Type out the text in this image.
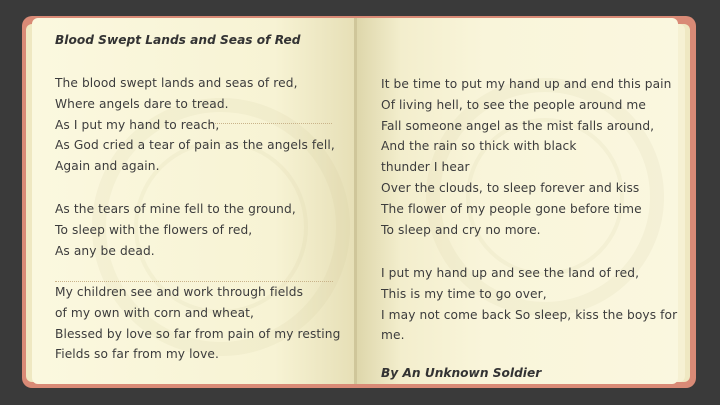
Blood Swept Lands and Seas of Red
The blood swept lands and seas of red,
Where angels dare to tread.
As I put my hand to reach,
As God cried a tear of pain as the angels fell,
Again and again.
As the tears of mine fell to the ground,
To sleep with the flowers of red,
As any be dead.
My children see and work through fields
of my own with corn and wheat,
Blessed by love so far from pain of my resting
Fields so far from my love.
It be time to put my hand up and end this pain
Of living hell, to see the people around me
Fall someone angel as the mist falls around,
And the rain so thick with black
thunder I hear
Over the clouds, to sleep forever and kiss
The flower of my people gone before time
To sleep and cry no more.
I put my hand up and see the land of red,
This is my time to go over,
I may not come back So sleep, kiss the boys for
me.
By An Unknown Soldier
